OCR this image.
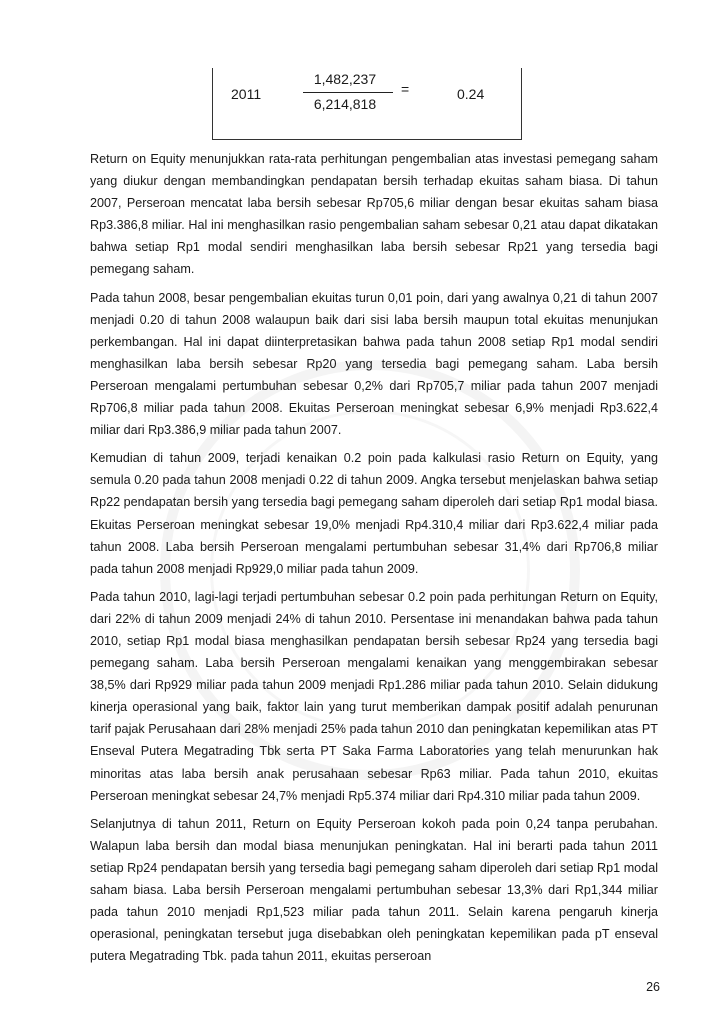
2011
1,482,237
6,214,818
=	0.24

Return on Equity menunjukkan rata-rata perhitungan pengembalian atas investasi pemegang saham yang diukur dengan membandingkan pendapatan bersih terhadap ekuitas saham biasa. Di tahun 2007, Perseroan mencatat laba bersih sebesar Rp705,6 miliar dengan besar ekuitas saham biasa Rp3.386,8 miliar. Hal ini menghasilkan rasio pengembalian saham sebesar 0,21 atau dapat dikatakan bahwa setiap Rp1 modal sendiri menghasilkan laba bersih sebesar Rp21 yang tersedia bagi pemegang saham.

Pada tahun 2008, besar pengembalian ekuitas turun 0,01 poin, dari yang awalnya 0,21 di tahun 2007 menjadi 0.20 di tahun 2008 walaupun baik dari sisi laba bersih maupun total ekuitas menunjukan perkembangan. Hal ini dapat diinterpretasikan bahwa pada tahun 2008 setiap Rp1 modal sendiri menghasilkan laba bersih sebesar Rp20 yang tersedia bagi pemegang saham. Laba bersih Perseroan mengalami pertumbuhan sebesar 0,2% dari Rp705,7 miliar pada tahun 2007 menjadi Rp706,8 miliar pada tahun 2008. Ekuitas Perseroan meningkat sebesar 6,9% menjadi Rp3.622,4 miliar dari Rp3.386,9 miliar pada tahun 2007.

Kemudian di tahun 2009, terjadi kenaikan 0.2 poin pada kalkulasi rasio Return on Equity, yang semula 0.20 pada tahun 2008 menjadi 0.22 di tahun 2009. Angka tersebut menjelaskan bahwa setiap Rp22 pendapatan bersih yang tersedia bagi pemegang saham diperoleh dari setiap Rp1 modal biasa. Ekuitas Perseroan meningkat sebesar 19,0% menjadi Rp4.310,4 miliar dari Rp3.622,4 miliar pada tahun 2008. Laba bersih Perseroan mengalami pertumbuhan sebesar 31,4% dari Rp706,8 miliar pada tahun 2008 menjadi Rp929,0 miliar pada tahun 2009.

Pada tahun 2010, lagi-lagi terjadi pertumbuhan sebesar 0.2 poin pada perhitungan Return on Equity, dari 22% di tahun 2009 menjadi 24% di tahun 2010. Persentase ini menandakan bahwa pada tahun 2010, setiap Rp1 modal biasa menghasilkan pendapatan bersih sebesar Rp24 yang tersedia bagi pemegang saham. Laba bersih Perseroan mengalami kenaikan yang menggembirakan sebesar 38,5% dari Rp929 miliar pada tahun 2009 menjadi Rp1.286 miliar pada tahun 2010. Selain didukung kinerja operasional yang baik, faktor lain yang turut memberikan dampak positif adalah penurunan tarif pajak Perusahaan dari 28% menjadi 25% pada tahun 2010 dan peningkatan kepemilikan atas PT Enseval Putera Megatrading Tbk serta PT Saka Farma Laboratories yang telah menurunkan hak minoritas atas laba bersih anak perusahaan sebesar Rp63 miliar. Pada tahun 2010, ekuitas Perseroan meningkat sebesar 24,7% menjadi Rp5.374 miliar dari Rp4.310 miliar pada tahun 2009.

Selanjutnya di tahun 2011, Return on Equity Perseroan kokoh pada poin 0,24 tanpa perubahan. Walapun laba bersih dan modal biasa menunjukan peningkatan. Hal ini berarti pada tahun 2011 setiap Rp24 pendapatan bersih yang tersedia bagi pemegang saham diperoleh dari setiap Rp1 modal saham biasa. Laba bersih Perseroan mengalami pertumbuhan sebesar 13,3% dari Rp1,344 miliar pada tahun 2010 menjadi Rp1,523 miliar pada tahun 2011. Selain karena pengaruh kinerja operasional, peningkatan tersebut juga disebabkan oleh peningkatan kepemilikan pada pT enseval putera Megatrading Tbk. pada tahun 2011, ekuitas perseroan

26
